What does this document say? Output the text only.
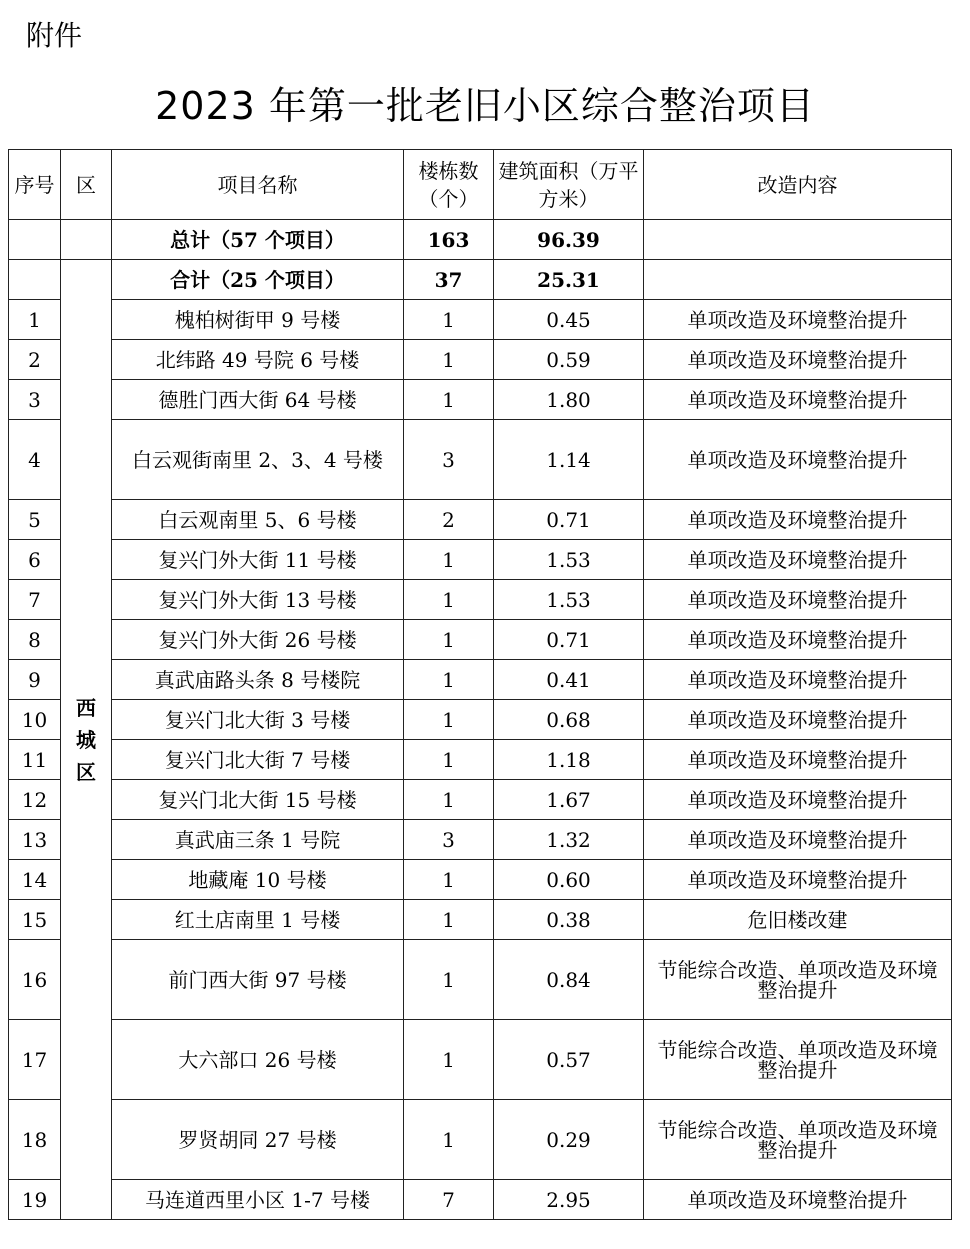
附件
2023 年第一批老旧小区综合整治项目
序号	区	项目名称	楼栋数（个）	建筑面积（万平方米）	改造内容
		总计（57 个项目）	163	96.39	

	西城区	合计（25 个项目）	37	25.31	
1		槐柏树街甲 9 号楼	1	0.45	单项改造及环境整治提升
2		北纬路 49 号院 6 号楼	1	0.59	单项改造及环境整治提升
3		德胜门西大街 64 号楼	1	1.80	单项改造及环境整治提升
4		白云观街南里 2、3、4 号楼	3	1.14	单项改造及环境整治提升
5		白云观南里 5、6 号楼	2	0.71	单项改造及环境整治提升
6		复兴门外大街 11 号楼	1	1.53	单项改造及环境整治提升
7		复兴门外大街 13 号楼	1	1.53	单项改造及环境整治提升
8		复兴门外大街 26 号楼	1	0.71	单项改造及环境整治提升
9		真武庙路头条 8 号楼院	1	0.41	单项改造及环境整治提升
10		复兴门北大街 3 号楼	1	0.68	单项改造及环境整治提升
11		复兴门北大街 7 号楼	1	1.18	单项改造及环境整治提升
12		复兴门北大街 15 号楼	1	1.67	单项改造及环境整治提升
13		真武庙三条 1 号院	3	1.32	单项改造及环境整治提升
14		地藏庵 10 号楼	1	0.60	单项改造及环境整治提升
15		红土店南里 1 号楼	1	0.38	危旧楼改建
16		前门西大街 97 号楼	1	0.84	节能综合改造、单项改造及环境整治提升
17		大六部口 26 号楼	1	0.57	节能综合改造、单项改造及环境整治提升
18		罗贤胡同 27 号楼	1	0.29	节能综合改造、单项改造及环境整治提升
19		马连道西里小区 1-7 号楼	7	2.95	单项改造及环境整治提升
